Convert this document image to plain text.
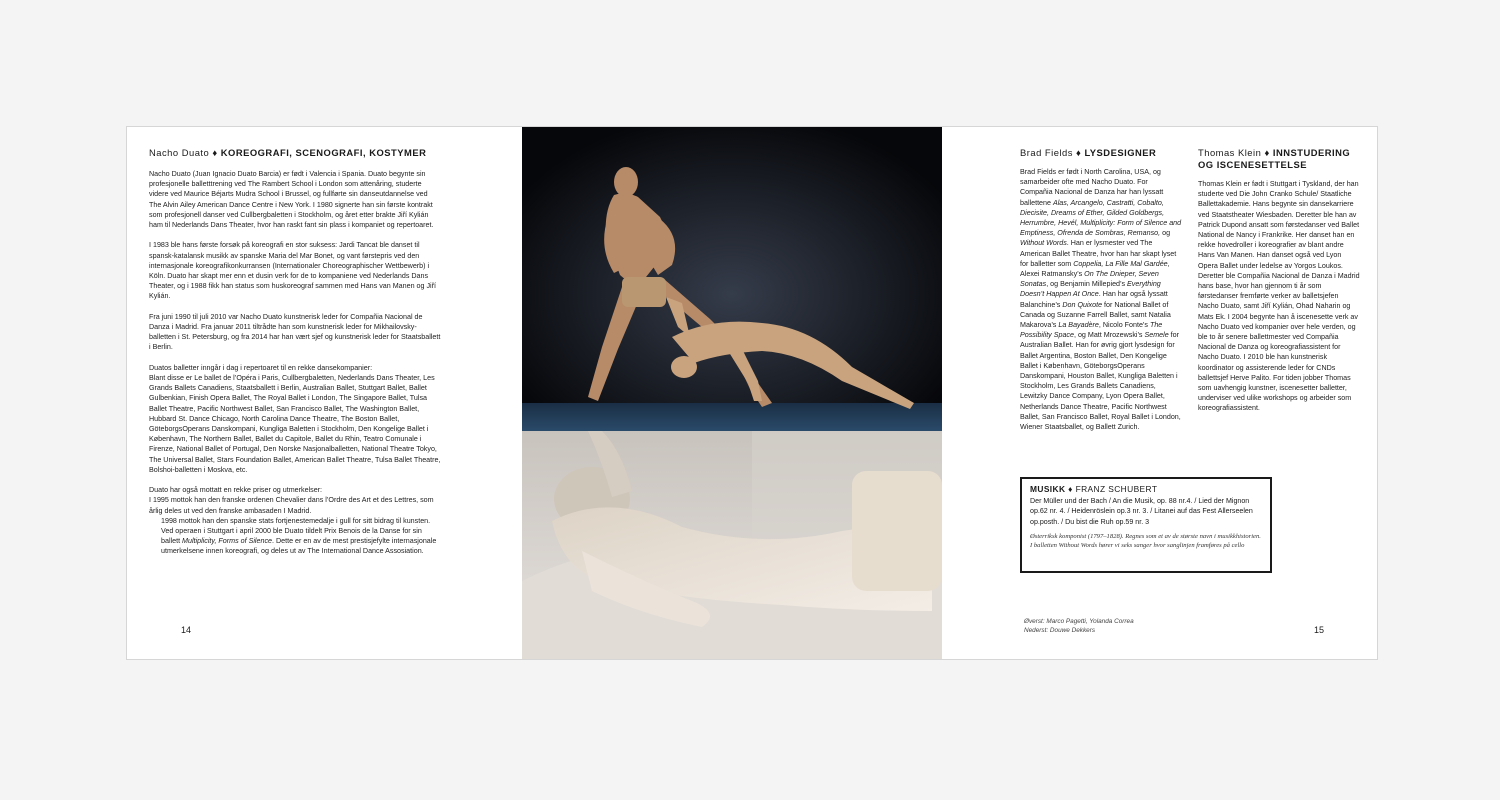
Nacho Duato ♦ KOREOGRAFI, SCENOGRAFI, KOSTYMER

Nacho Duato (Juan Ignacio Duato Barcia) er født i Valencia i Spania. Duato begynte sin profesjonelle balletttrening ved The Rambert School i London som attenåring, studerte videre ved Maurice Béjarts Mudra School i Brussel, og fullførte sin danseutdannelse ved The Alvin Ailey American Dance Centre i New York. I 1980 signerte han sin første kontrakt som profesjonell danser ved Cullbergbaletten i Stockholm, og året etter brakte Jiří Kylián ham til Nederlands Dans Theater, hvor han raskt fant sin plass i kompaniet og repertoaret.

I 1983 ble hans første forsøk på koreografi en stor suksess: Jardi Tancat ble danset til spansk-katalansk musikk av spanske Maria del Mar Bonet, og vant førstepris ved den internasjonale koreografikonkurransen (Internationaler Choreographischer Wettbewerb) i Köln. Duato har skapt mer enn et dusin verk for de to kompaniene ved Nederlands Dans Theater, og i 1988 fikk han status som huskoreograf sammen med Hans van Manen og Jiří Kylián.

Fra juni 1990 til juli 2010 var Nacho Duato kunstnerisk leder for Compañia Nacional de Danza i Madrid. Fra januar 2011 tiltrådte han som kunstnerisk leder for Mikhailovsky-balletten i St. Petersburg, og fra 2014 har han vært sjef og kunstnerisk leder for Staatsballett i Berlin.

Duatos balletter inngår i dag i repertoaret til en rekke dansekompanier:

Blant disse er Le ballet de l’Opéra i Paris, Cullbergbaletten, Nederlands Dans Theater, Les Grands Ballets Canadiens, Staatsballett i Berlin, Australian Ballet, Stuttgart Ballet, Ballet Gulbenkian, Finish Opera Ballet, The Royal Ballet i London, The Singapore Ballet, Tulsa Ballet Theatre, Pacific Northwest Ballet, San Francisco Ballet, The Washington Ballet, Hubbard St. Dance Chicago, North Carolina Dance Theatre, The Boston Ballet, GöteborgsOperans Danskompani, Kungliga Baletten i Stockholm, Den Kongelige Ballet i København, The Northern Ballet, Ballet du Capitole, Ballet du Rhin, Teatro Comunale i Firenze, National Ballet of Portugal, Den Norske Nasjonalballetten, National Theatre Tokyo, The Universal Ballet, Stars Foundation Ballet, American Ballet Theatre, Tulsa Ballet Theatre, Bolshoi-balletten i Moskva, etc.

Duato har også mottatt en rekke priser og utmerkelser:

I 1995 mottok han den franske ordenen Chevalier dans l’Ordre des Art et des Lettres, som årlig deles ut ved den franske ambasaden I Madrid.

1998 mottok han den spanske stats fortjenestemedalje i gull for sitt bidrag til kunsten. Ved operaen i Stuttgart i april 2000 ble Duato tildelt Prix Benois de la Danse for sin ballett Multiplicity, Forms of Silence. Dette er en av de mest prestisjefylte internasjonale utmerkelsene innen koreografi, og deles ut av The International Dance Assosiation.

14
Brad Fields ♦ LYSDESIGNER

Brad Fields er født i North Carolina, USA, og samarbeider ofte med Nacho Duato. For Compañia Nacional de Danza har han lyssatt ballettene Alas, Arcangelo, Castratti, Cobalto, Diecisite, Dreams of Ether, Gilded Goldbergs, Herrumbre, Hevél, Multiplicity: Form of Silence and Emptiness, Ofrenda de Sombras, Remanso, og Without Words. Han er lysmester ved The American Ballet Theatre, hvor han har skapt lyset for balletter som Coppelia, La Fille Mal Gardée, Alexei Ratmansky’s On The Dnieper, Seven Sonatas, og Benjamin Millepied’s Everything Doesn’t Happen At Once. Han har også lyssatt Balanchine’s Don Quixote for National Ballet of Canada og Suzanne Farrell Ballet, samt Natalia Makarova’s La Bayadère, Nicolo Fonte’s The Possibility Space, og Matt Mrozewski’s Semele for Australian Ballet. Han for øvrig gjort lysdesign for Ballet Argentina, Boston Ballet, Den Kongelige Ballet i København, GöteborgsOperans Danskompani, Houston Ballet, Kungliga Baletten i Stockholm, Les Grands Ballets Canadiens, Lewitzky Dance Company, Lyon Opera Ballet, Netherlands Dance Theatre, Pacific Northwest Ballet, San Francisco Ballet, Royal Ballet i London, Wiener Staatsballet, og Ballett Zurich.

Thomas Klein ♦ INNSTUDERING OG ISCENESETTELSE

Thomas Klein er født i Stuttgart i Tyskland, der han studerte ved Die John Cranko Schule/ Staatliche Ballettakademie. Hans begynte sin dansekarriere ved Staatstheater Wiesbaden. Deretter ble han av Patrick Dupond ansatt som førstedanser ved Ballet National de Nancy i Frankrike. Her danset han en rekke hovedroller i koreografier av blant andre Hans Van Manen. Han danset også ved Lyon Opera Ballet under ledelse av Yorgos Loukos. Deretter ble Compañia Nacional de Danza i Madrid hans base, hvor han gjennom ti år som førstedanser fremførte verker av balletsjefen Nacho Duato, samt Jiří Kylián, Ohad Naharin og Mats Ek. I 2004 begynte han å iscenesette verk av Nacho Duato ved kompanier over hele verden, og ble to år senere ballettmester ved Compañia Nacional de Danza og koreografiassistent for Nacho Duato. I 2010 ble han kunstnerisk koordinator og assisterende leder for CNDs ballettsjef Herve Palito. For tiden jobber Thomas som uavhengig kunstner, iscenesetter balletter, underviser ved ulike workshops og arbeider som koreografiassistent.

MUSIKK ♦ FRANZ SCHUBERT
Der Müller und der Bach / An die Musik, op. 88 nr.4. / Lied der Mignon op.62 nr. 4. / Heidenröslein op.3 nr. 3. / Litanei auf das Fest Allerseelen op.posth. / Du bist die Ruh op.59 nr. 3
Østerriksk komponist (1797–1828). Regnes som et av de største navn i musikkhistorien. I balletten Without Words hører vi seks sanger hvor sanglinjen framføres på cello
Øverst: Marco Pagetti, Yolanda Correa
Nederst: Douwe Dekkers	15
